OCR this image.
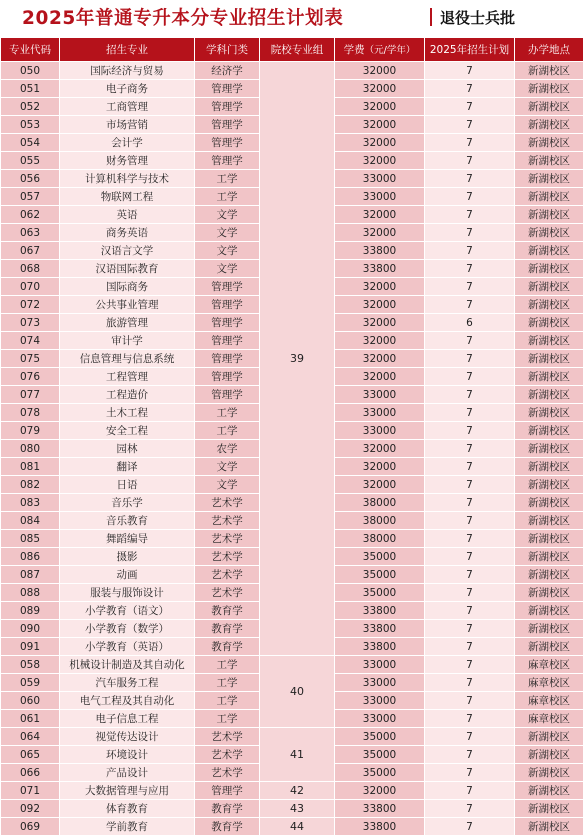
2025年普通专升本分专业招生计划表	退役士兵批
专业代码	招生专业	学科门类	院校专业组	学费（元/学年）	2025年招生计划	办学地点
050	国际经济与贸易	经济学	39	32000	7	新湖校区
051	电子商务	管理学		32000	7	新湖校区
052	工商管理	管理学		32000	7	新湖校区
053	市场营销	管理学		32000	7	新湖校区
054	会计学	管理学		32000	7	新湖校区
055	财务管理	管理学		32000	7	新湖校区
056	计算机科学与技术	工学		33000	7	新湖校区
057	物联网工程	工学		33000	7	新湖校区
062	英语	文学		32000	7	新湖校区
063	商务英语	文学		32000	7	新湖校区
067	汉语言文学	文学		33800	7	新湖校区
068	汉语国际教育	文学		33800	7	新湖校区
070	国际商务	管理学		32000	7	新湖校区
072	公共事业管理	管理学		32000	7	新湖校区
073	旅游管理	管理学		32000	6	新湖校区
074	审计学	管理学		32000	7	新湖校区
075	信息管理与信息系统	管理学		32000	7	新湖校区
076	工程管理	管理学		32000	7	新湖校区
077	工程造价	管理学		33000	7	新湖校区
078	土木工程	工学		33000	7	新湖校区
079	安全工程	工学		33000	7	新湖校区
080	园林	农学		32000	7	新湖校区
081	翻译	文学		32000	7	新湖校区
082	日语	文学		32000	7	新湖校区
083	音乐学	艺术学		38000	7	新湖校区
084	音乐教育	艺术学		38000	7	新湖校区
085	舞蹈编导	艺术学		38000	7	新湖校区
086	摄影	艺术学		35000	7	新湖校区
087	动画	艺术学		35000	7	新湖校区
088	服装与服饰设计	艺术学		35000	7	新湖校区
089	小学教育（语文）	教育学		33800	7	新湖校区
090	小学教育（数学）	教育学		33800	7	新湖校区
091	小学教育（英语）	教育学		33800	7	新湖校区
058	机械设计制造及其自动化	工学	40	33000	7	麻章校区
059	汽车服务工程	工学		33000	7	麻章校区
060	电气工程及其自动化	工学		33000	7	麻章校区
061	电子信息工程	工学		33000	7	麻章校区
064	视觉传达设计	艺术学	41	35000	7	新湖校区
065	环境设计	艺术学		35000	7	新湖校区
066	产品设计	艺术学		35000	7	新湖校区
071	大数据管理与应用	管理学	42	32000	7	新湖校区
092	体育教育	教育学	43	33800	7	新湖校区
069	学前教育	教育学	44	33800	7	新湖校区
